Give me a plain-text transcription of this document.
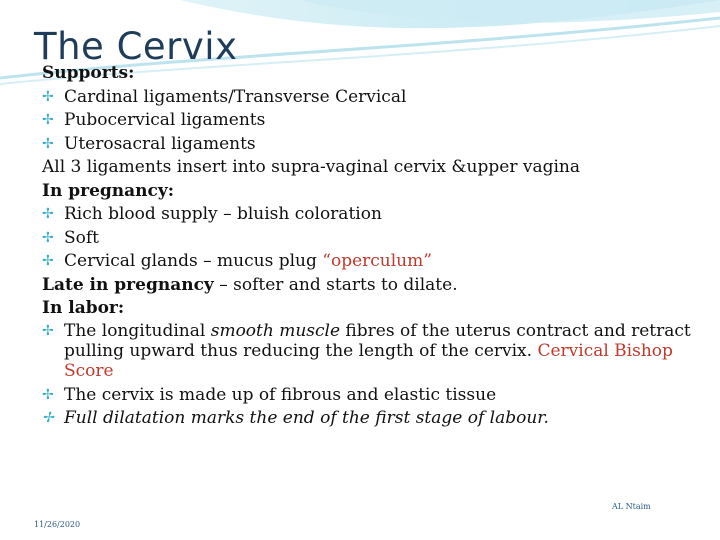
The Cervix

Supports:

✢ Cardinal ligaments/Transverse Cervical

✢ Pubocervical ligaments

✢ Uterosacral ligaments

All 3 ligaments insert into supra-vaginal cervix &upper vagina

In pregnancy:

✢ Rich blood supply – bluish coloration

✢ Soft

✢ Cervical glands – mucus plug “operculum”

Late in pregnancy – softer and starts to dilate.

In labor:

✢ The longitudinal smooth muscle fibres of the uterus contract and retract pulling upward thus reducing the length of the cervix. Cervical Bishop Score

✢ The cervix is made up of fibrous and elastic tissue

✢ Full dilatation marks the end of the first stage of labour.

AL Ntaim
11/26/2020
